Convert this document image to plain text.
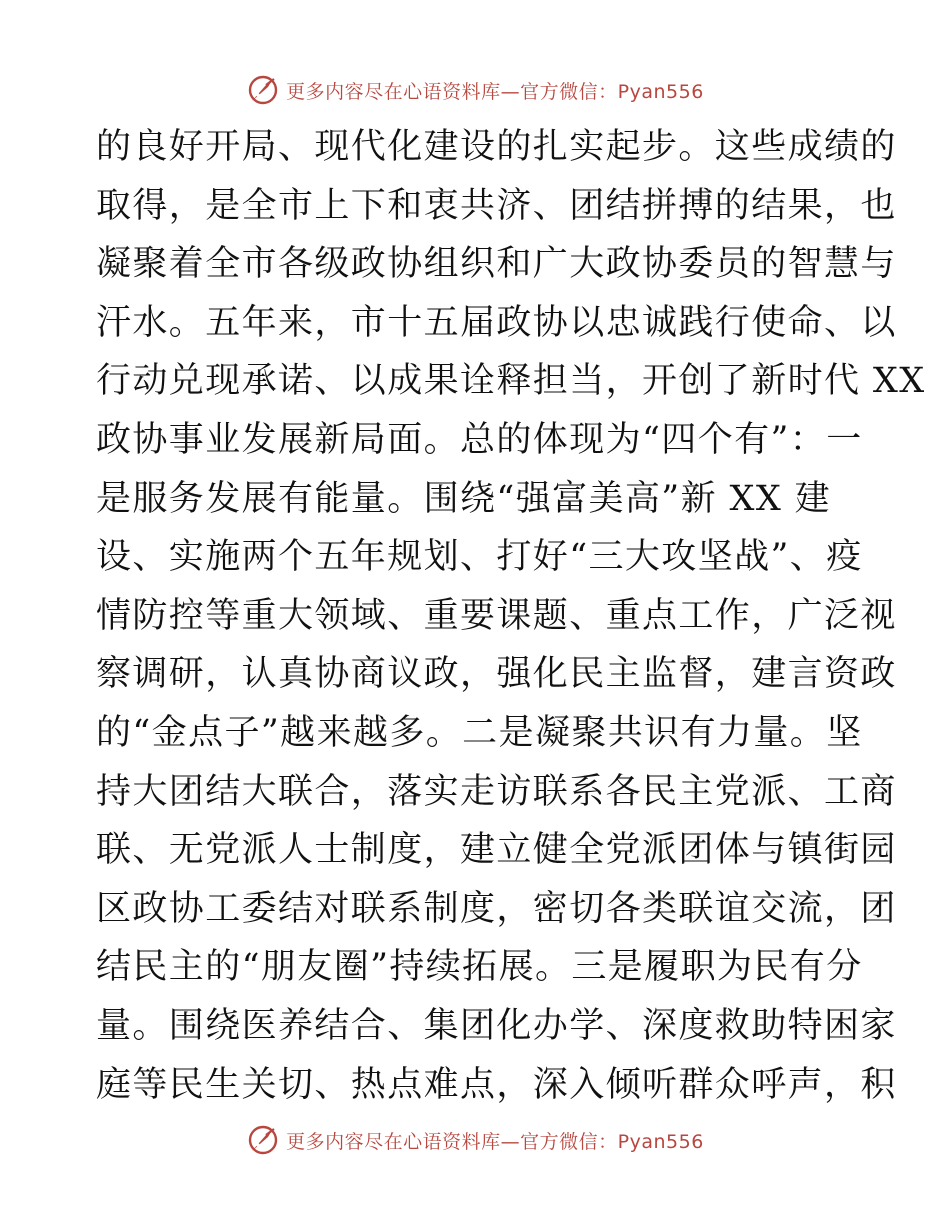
更多内容尽在心语资料库—官方微信：Pyan556
的良好开局、现代化建设的扎实起步。这些成绩的
取得，是全市上下和衷共济、团结拼搏的结果，也
凝聚着全市各级政协组织和广大政协委员的智慧与
汗水。五年来，市十五届政协以忠诚践行使命、以
行动兑现承诺、以成果诠释担当，开创了新时代 XX
政协事业发展新局面。总的体现为“四个有”：一
是服务发展有能量。围绕“强富美高”新 XX 建
设、实施两个五年规划、打好“三大攻坚战”、疫
情防控等重大领域、重要课题、重点工作，广泛视
察调研，认真协商议政，强化民主监督，建言资政
的“金点子”越来越多。二是凝聚共识有力量。坚
持大团结大联合，落实走访联系各民主党派、工商
联、无党派人士制度，建立健全党派团体与镇街园
区政协工委结对联系制度，密切各类联谊交流，团
结民主的“朋友圈”持续拓展。三是履职为民有分
量。围绕医养结合、集团化办学、深度救助特困家
庭等民生关切、热点难点，深入倾听群众呼声，积
更多内容尽在心语资料库—官方微信：Pyan556
